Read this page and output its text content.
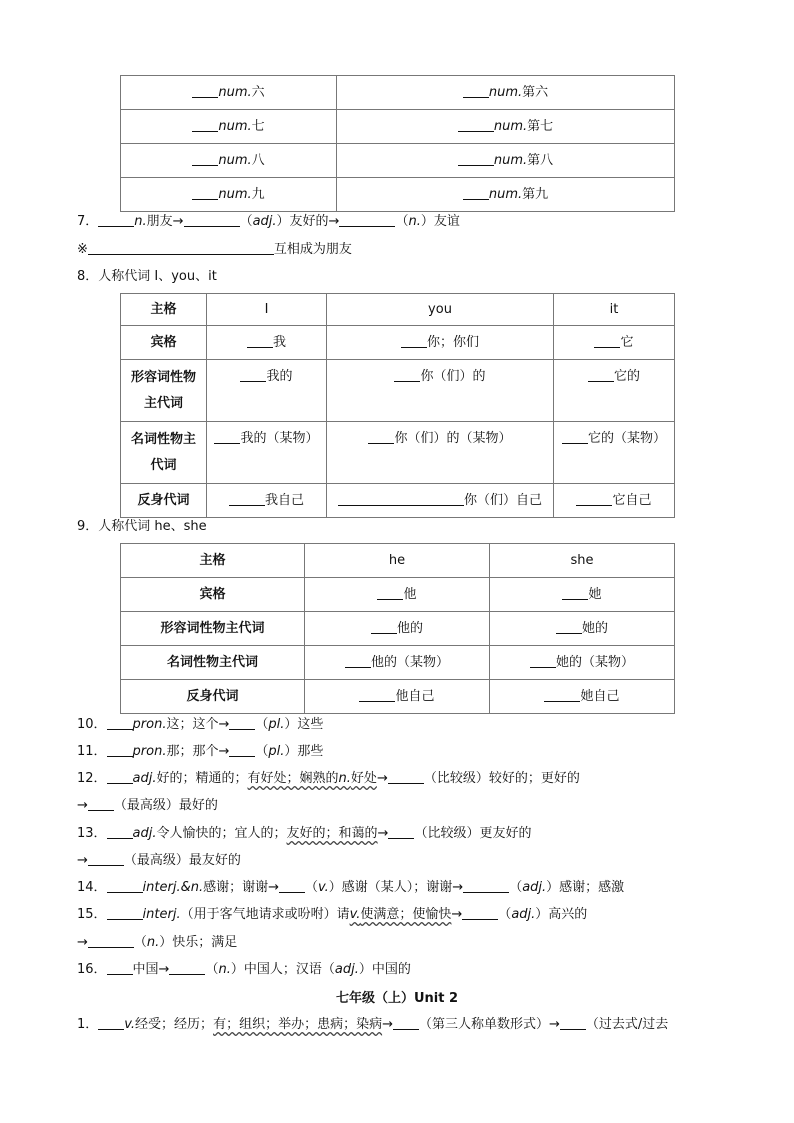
num.六	num.第六
num.七	num.第七
num.八	num.第八
num.九	num.第九
7．	n.朋友→	（adj.）友好的→	（n.）友谊
※	互相成为朋友
8．人称代词 I、you、it
主格	I	you	it
宾格	我	你；你们	它
形容词性物
主代词	我的	你（们）的	它的
名词性物主
代词	我的（某物）	你（们）的（某物）	它的（某物）
反身代词	我自己	你（们）自己	它自己
9．人称代词 he、she
主格	he	she
宾格	他	她
形容词性物主代词	他的	她的
名词性物主代词	他的（某物）	她的（某物）
反身代词	他自己	她自己
10． pron.这；这个→ （pl.）这些
11． pron.那；那个→ （pl.）那些
12． adj.好的；精通的；有好处；娴熟的n.好处→	（比较级）较好的；更好的
→ （最高级）最好的
13． adj.令人愉快的；宜人的；友好的；和蔼的→ （比较级）更友好的
→	（最高级）最友好的
14．	interj.&n.感谢；谢谢→ （v.）感谢（某人）；谢谢→	（adj.）感谢；感激
15．	interj.（用于客气地请求或吩咐）请v.使满意；使愉快→	（adj.）高兴的
→	（n.）快乐；满足
16． 中国→	（n.）中国人；汉语（adj.）中国的
七年级（上）Unit 2
1． v.经受；经历；有；组织；举办；患病；染病→ （第三人称单数形式）→ （过去式/过去
